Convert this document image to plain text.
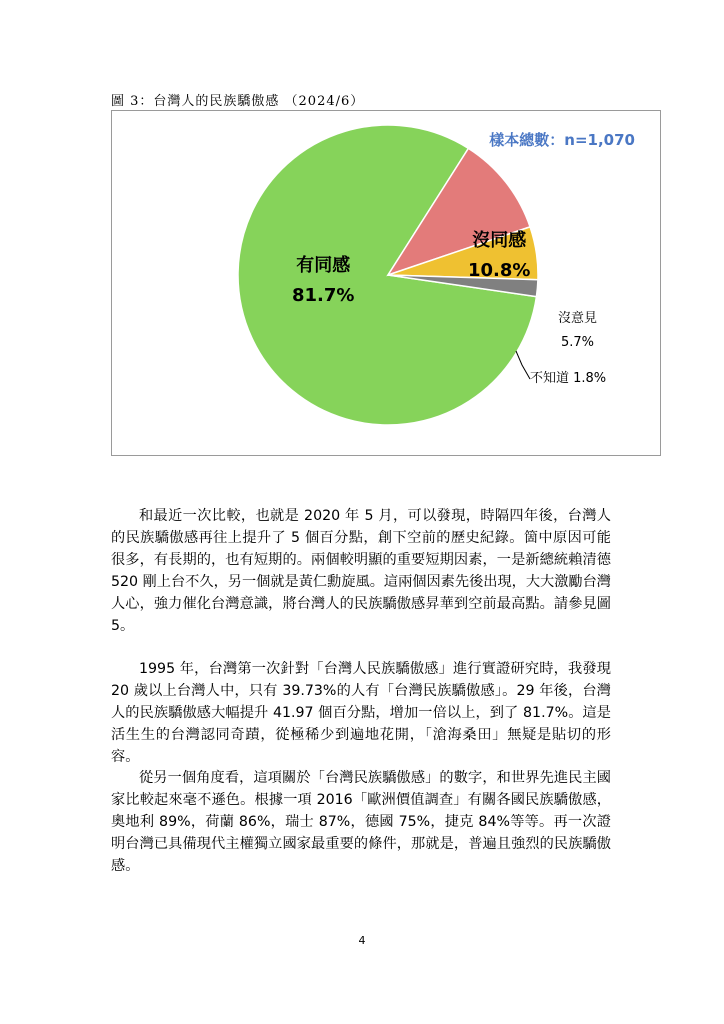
圖 3：台灣人的民族驕傲感 （2024/6）
樣本總數：n=1,070
有同感
81.7%
沒同感
10.8%
沒意見
5.7%
不知道 1.8%

和最近一次比較，也就是 2020 年 5 月，可以發現，時隔四年後，台灣人的民族驕傲感再往上提升了 5 個百分點，創下空前的歷史紀錄。箇中原因可能很多，有長期的，也有短期的。兩個較明顯的重要短期因素，一是新總統賴清德 520 剛上台不久，另一個就是黃仁勳旋風。這兩個因素先後出現，大大激勵台灣人心，強力催化台灣意識，將台灣人的民族驕傲感昇華到空前最高點。請參見圖 5。

1995 年，台灣第一次針對「台灣人民族驕傲感」進行實證研究時，我發現 20 歲以上台灣人中，只有 39.73%的人有「台灣民族驕傲感」。29 年後，台灣人的民族驕傲感大幅提升 41.97 個百分點，增加一倍以上，到了 81.7%。這是活生生的台灣認同奇蹟，從極稀少到遍地花開，「滄海桑田」無疑是貼切的形容。

從另一個角度看，這項關於「台灣民族驕傲感」的數字，和世界先進民主國家比較起來毫不遜色。根據一項 2016「歐洲價值調查」有關各國民族驕傲感，奧地利 89%，荷蘭 86%，瑞士 87%，德國 75%，捷克 84%等等。再一次證明台灣已具備現代主權獨立國家最重要的條件，那就是，普遍且強烈的民族驕傲感。

4
